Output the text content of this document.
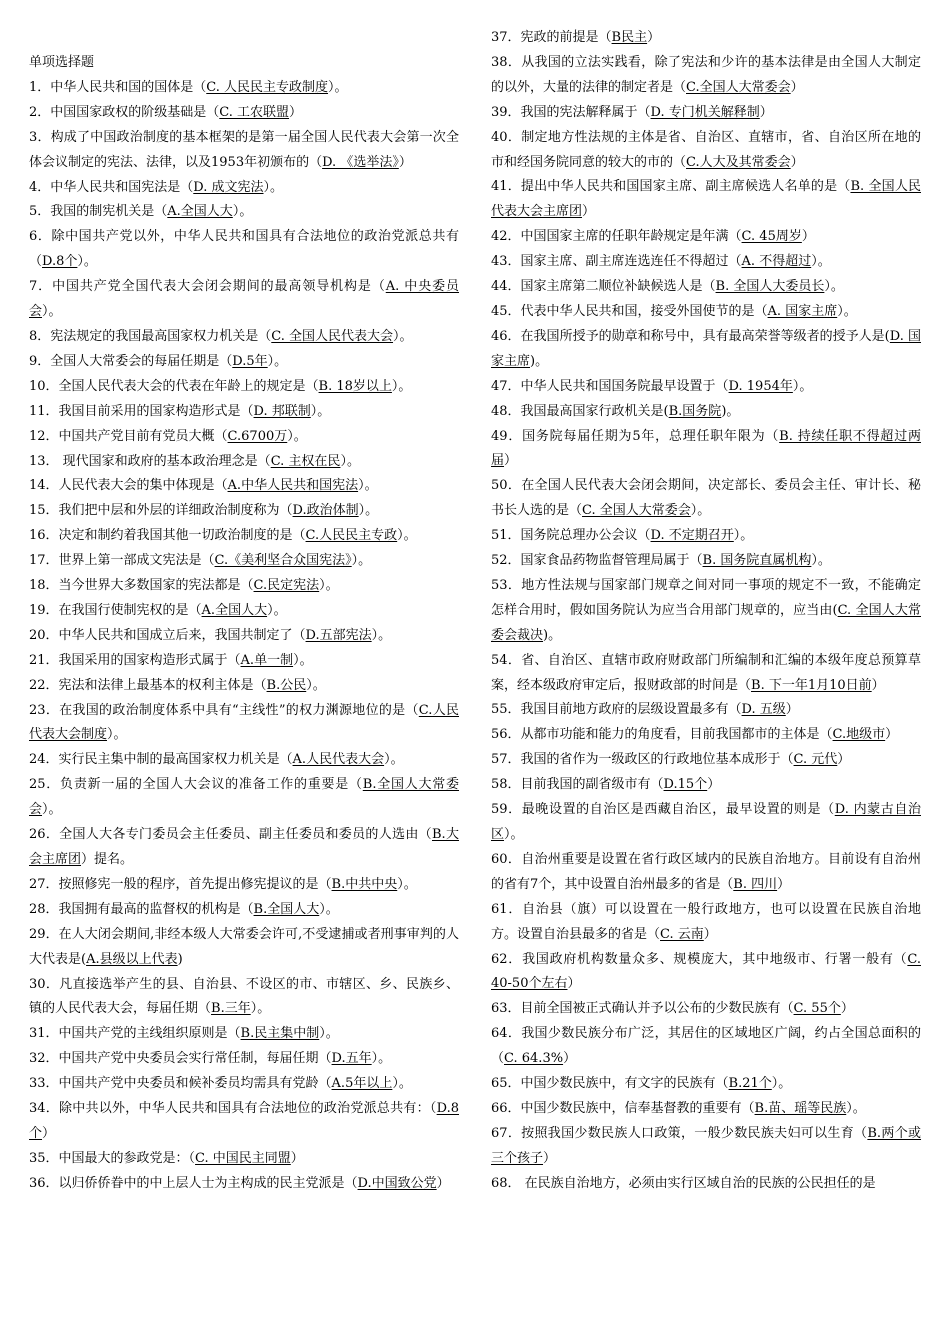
单项选择题
1．中华人民共和国的国体是（C. 人民民主专政制度）。
2．中国国家政权的阶级基础是（C. 工农联盟）
3．构成了中国政治制度的基本框架的是第一届全国人民代表大会第一次全体会议制定的宪法、法律，以及1953年初颁布的（D. 《选举法》）
4．中华人民共和国宪法是（D. 成文宪法）。
5．我国的制宪机关是（A.全国人大）。
6．除中国共产党以外，中华人民共和国具有合法地位的政治党派总共有（D.8个）。
7．中国共产党全国代表大会闭会期间的最高领导机构是（A. 中央委员会）。
8．宪法规定的我国最高国家权力机关是（C. 全国人民代表大会）。
9．全国人大常委会的每届任期是（D.5年）。
10．全国人民代表大会的代表在年龄上的规定是（B. 18岁以上）。
11．我国目前采用的国家构造形式是（D. 邦联制）。
12．中国共产党目前有党员大概（C.6700万）。
13． 现代国家和政府的基本政治理念是（C. 主权在民）。
14．人民代表大会的集中体现是（A.中华人民共和国宪法）。
15．我们把中层和外层的详细政治制度称为（D.政治体制）。
16．决定和制约着我国其他一切政治制度的是（C.人民民主专政）。
17．世界上第一部成文宪法是（C.《美利坚合众国宪法》）。
18．当今世界大多数国家的宪法都是（C.民定宪法）。
19．在我国行使制宪权的是（A.全国人大）。
20．中华人民共和国成立后来，我国共制定了（D.五部宪法）。
21．我国采用的国家构造形式属于（A.单一制）。
22．宪法和法律上最基本的权利主体是（B.公民）。
23．在我国的政治制度体系中具有“主线性”的权力渊源地位的是（C.人民代表大会制度）。
24．实行民主集中制的最高国家权力机关是（A.人民代表大会）。
25．负责新一届的全国人大会议的准备工作的重要是（B.全国人大常委会）。
26．全国人大各专门委员会主任委员、副主任委员和委员的人选由（B.大会主席团）提名。
27．按照修宪一般的程序，首先提出修宪提议的是（B.中共中央）。
28．我国拥有最高的监督权的机构是（B.全国人大）。
29．在人大闭会期间,非经本级人大常委会许可,不受逮捕或者刑事审判的人大代表是(A.县级以上代表)
30．凡直接选举产生的县、自治县、不设区的市、市辖区、乡、民族乡、镇的人民代表大会，每届任期（B.三年）。
31．中国共产党的主线组织原则是（B.民主集中制）。
32．中国共产党中央委员会实行常任制，每届任期（D.五年）。
33．中国共产党中央委员和候补委员均需具有党龄（A.5年以上）。
34．除中共以外，中华人民共和国具有合法地位的政治党派总共有：（D.8个）
35．中国最大的参政党是：（C. 中国民主同盟）
36．以归侨侨眷中的中上层人士为主构成的民主党派是（D.中国致公党）
37．宪政的前提是（B民主）
38．从我国的立法实践看，除了宪法和少许的基本法律是由全国人大制定的以外，大量的法律的制定者是（C.全国人大常委会）
39．我国的宪法解释属于（D. 专门机关解释制）
40．制定地方性法规的主体是省、自治区、直辖市，省、自治区所在地的市和经国务院同意的较大的市的（C.人大及其常委会）
41．提出中华人民共和国国家主席、副主席候选人名单的是（B. 全国人民代表大会主席团）
42．中国国家主席的任职年龄规定是年满（C. 45周岁）
43．国家主席、副主席连选连任不得超过（A. 不得超过）。
44．国家主席第二顺位补缺候选人是（B. 全国人大委员长）。
45．代表中华人民共和国，接受外国使节的是（A. 国家主席）。
46．在我国所授予的勋章和称号中，具有最高荣誉等级者的授予人是(D. 国家主席)。
47．中华人民共和国国务院最早设置于（D. 1954年）。
48．我国最高国家行政机关是(B.国务院)。
49．国务院每届任期为5年，总理任职年限为（B. 持续任职不得超过两届）
50．在全国人民代表大会闭会期间，决定部长、委员会主任、审计长、秘书长人选的是（C. 全国人大常委会）。
51．国务院总理办公会议（D. 不定期召开）。
52．国家食品药物监督管理局属于（B. 国务院直属机构）。
53．地方性法规与国家部门规章之间对同一事项的规定不一致，不能确定怎样合用时，假如国务院认为应当合用部门规章的，应当由(C. 全国人大常委会裁决)。
54．省、自治区、直辖市政府财政部门所编制和汇编的本级年度总预算草案，经本级政府审定后，报财政部的时间是（B. 下一年1月10日前）
55．我国目前地方政府的层级设置最多有（D. 五级）
56．从都市功能和能力的角度看，目前我国都市的主体是（C.地级市）
57．我国的省作为一级政区的行政地位基本成形于（C. 元代）
58．目前我国的副省级市有（D.15个）
59．最晚设置的自治区是西藏自治区，最早设置的则是（D. 内蒙古自治区）。
60．自治州重要是设置在省行政区域内的民族自治地方。目前设有自治州的省有7个，其中设置自治州最多的省是（B. 四川）
61．自治县（旗）可以设置在一般行政地方，也可以设置在民族自治地方。设置自治县最多的省是（C. 云南）
62．我国政府机构数量众多、规模庞大，其中地级市、行署一般有（C. 40-50个左右）
63．目前全国被正式确认并予以公布的少数民族有（C. 55个）
64．我国少数民族分布广泛，其居住的区域地区广阔，约占全国总面积的（C. 64.3%）
65．中国少数民族中，有文字的民族有（B.21个）。
66．中国少数民族中，信奉基督教的重要有（B.苗、瑶等民族）。
67．按照我国少数民族人口政策，一般少数民族夫妇可以生育（B.两个或三个孩子）
68． 在民族自治地方，必须由实行区域自治的民族的公民担任的是
